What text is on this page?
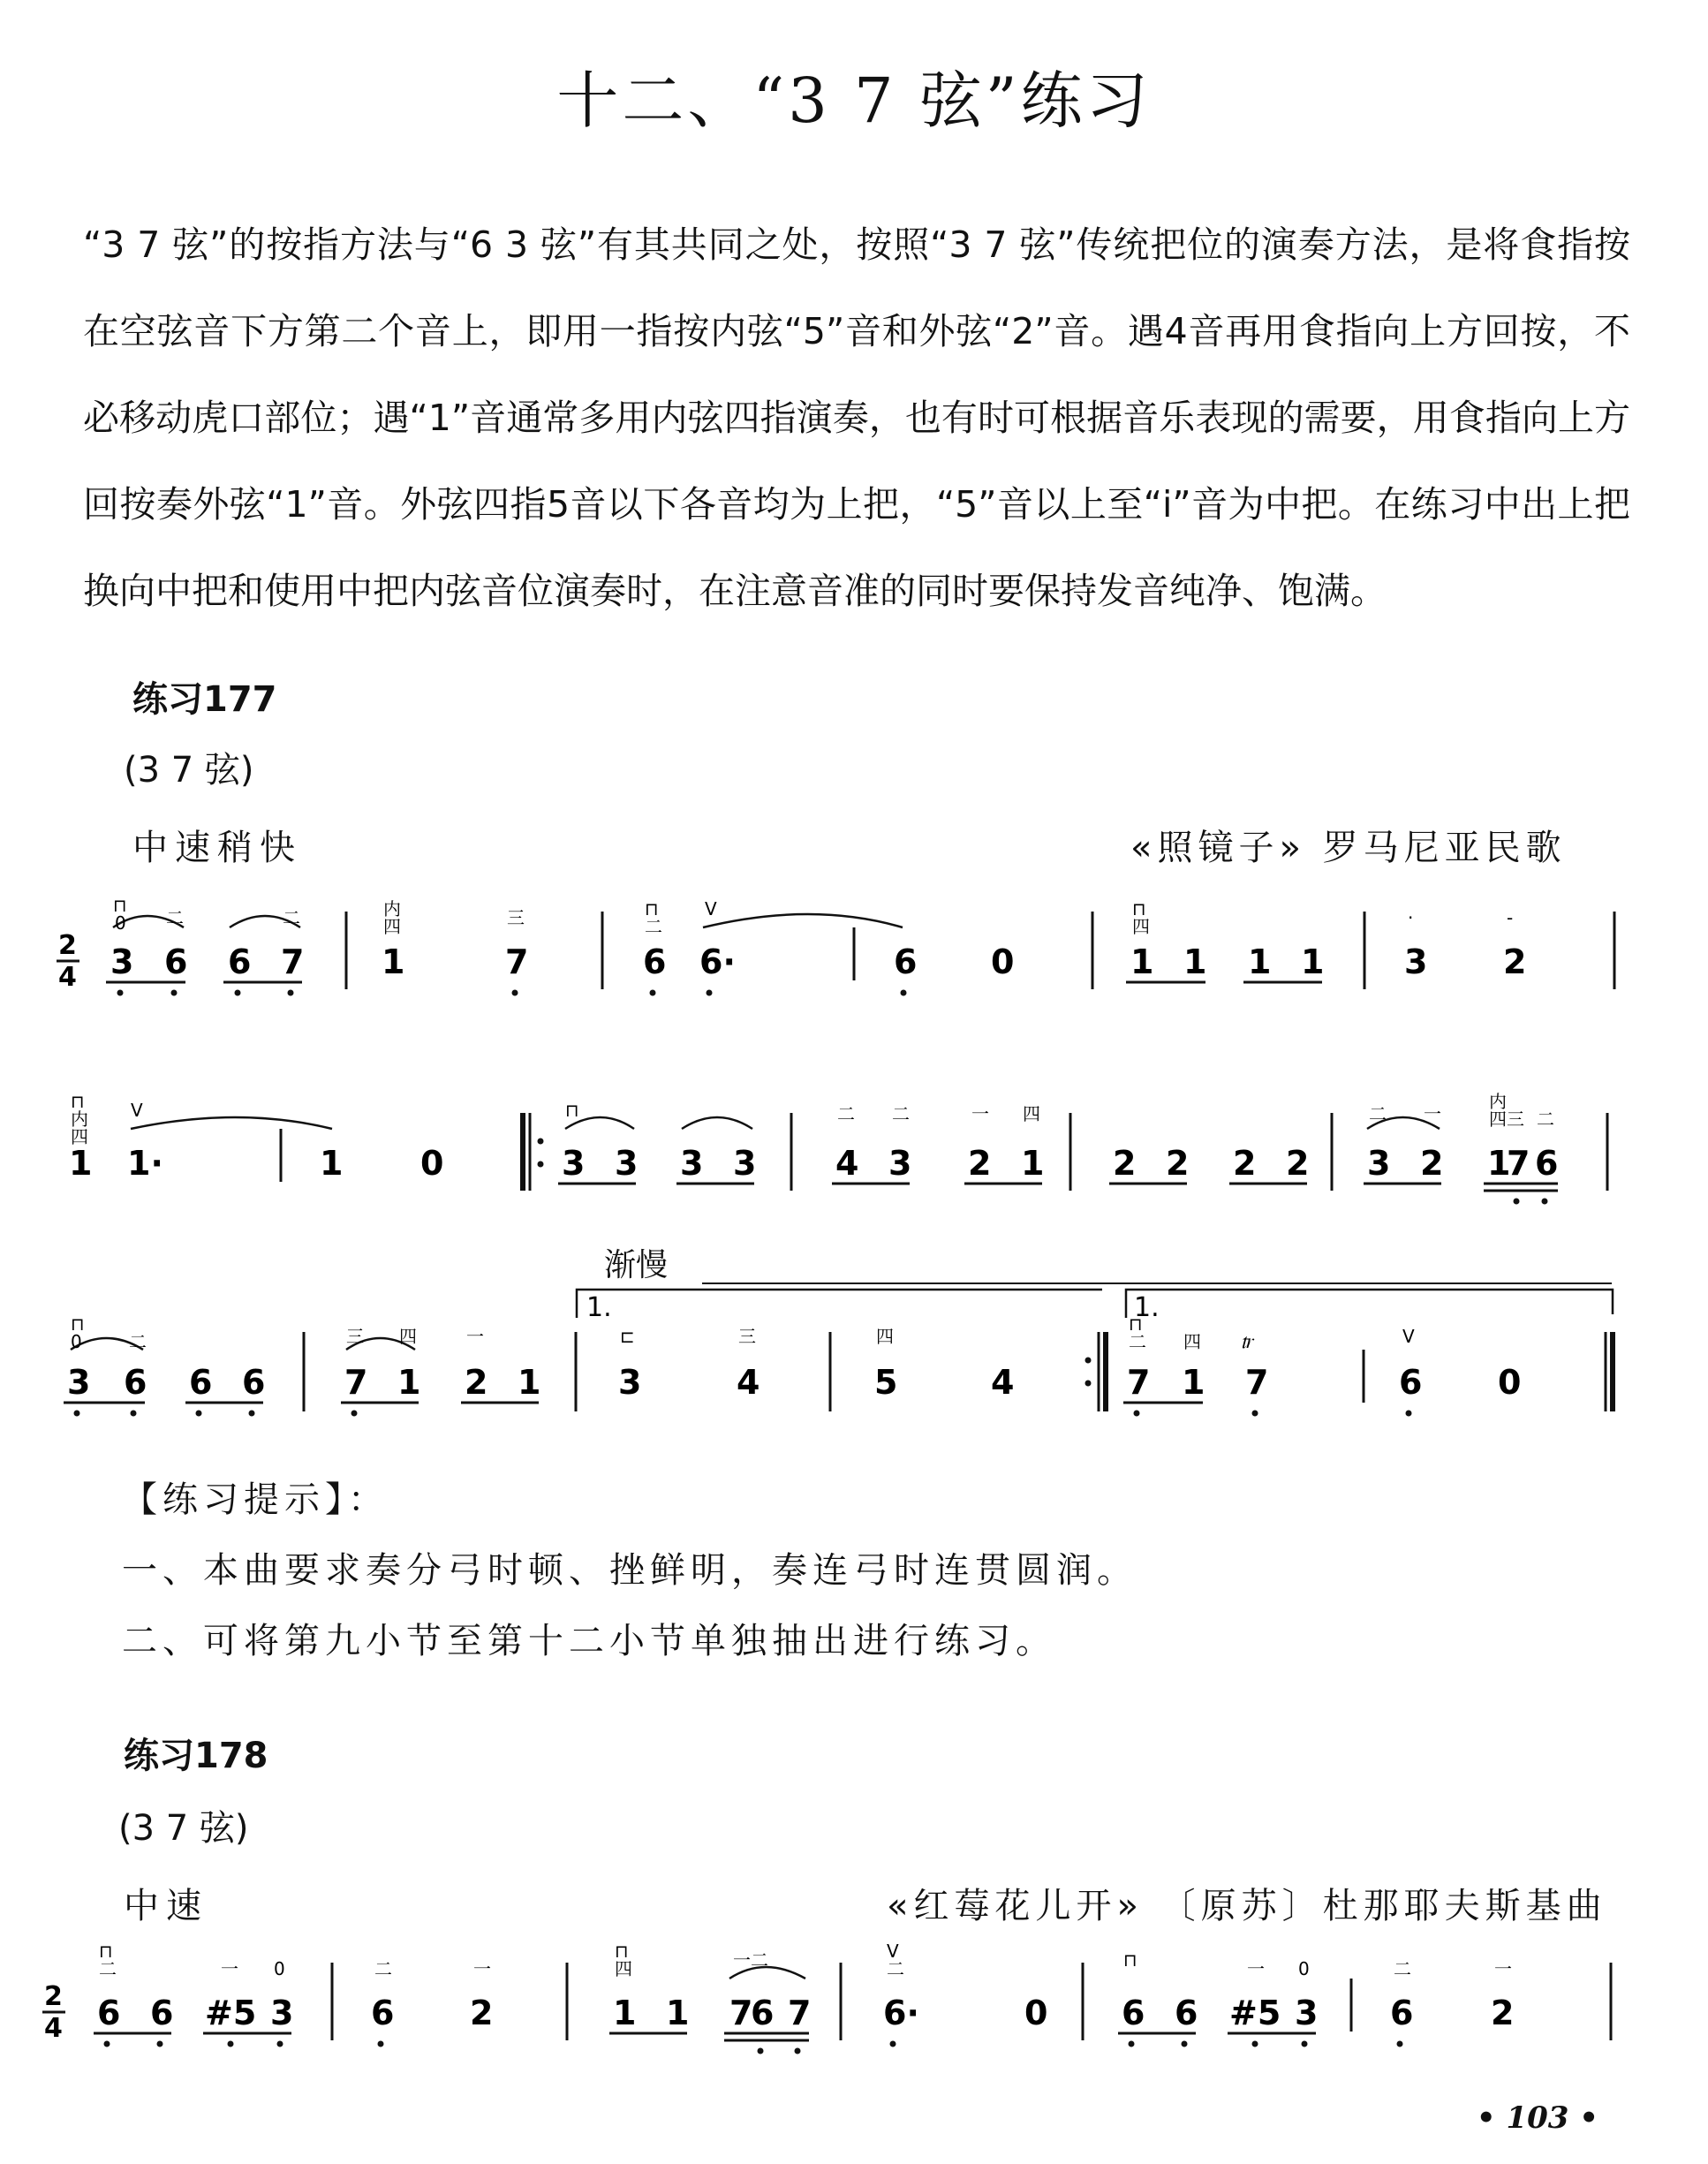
十二、“3 7 弦”练习
“3 7 弦”的按指方法与“6 3 弦”有其共同之处，按照“3 7 弦”传统把位的演奏方法，是将食指按在空弦音下方第二个音上，即用一指按内弦“5”音和外弦“2”音。遇4音再用食指向上方回按，不必移动虎口部位；遇“1”音通常多用内弦四指演奏，也有时可根据音乐表现的需要，用食指向上方回按奏外弦“1”音。外弦四指5音以下各音均为上把，“5”音以上至“i”音为中把。在练习中出上把换向中把和使用中把内弦音位演奏时，在注意音准的同时要保持发音纯净、饱满。
练习177
(3 7 弦)
中速稍快	«照镜子» 罗马尼亚民歌
2
4 3 6 6 7 1	7	6 6·	6 0	1 1 1 1 3 2
⊓
0 二	二	内
四	三	⊓
二
V	⊓
四	·	-
1 1·	1 0	3 3 3 3 4 3 2 1 2 2 2 2 3 2 1
7 6
⊓
内
四
V	⊓	二 二	一 四	二 一
内
四三 二
渐慢
1.	1.
3 6 6 6 7 1 2 1 3	4	5	4	7 1 7	6 0
⊓
0	二	三 四	一	⊏	三	四
⊓
二 四 𝆖	V
【练习提示】：
一、本曲要求奏分弓时顿、挫鲜明，奏连弓时连贯圆润。
二、可将第九小节至第十二小节单独抽出进行练习。
练习178
(3 7 弦)
中速	«红莓花儿开» 〔原苏〕杜那耶夫斯基曲
2
4 6 6 #5 3 6 2	1 1 7
6 7 6·	0 6 6 #5 3 6 2
⊓
二	一 0	二	一
⊓
四	一二	V
二	⊓	一 0	二	一
• 103 •
